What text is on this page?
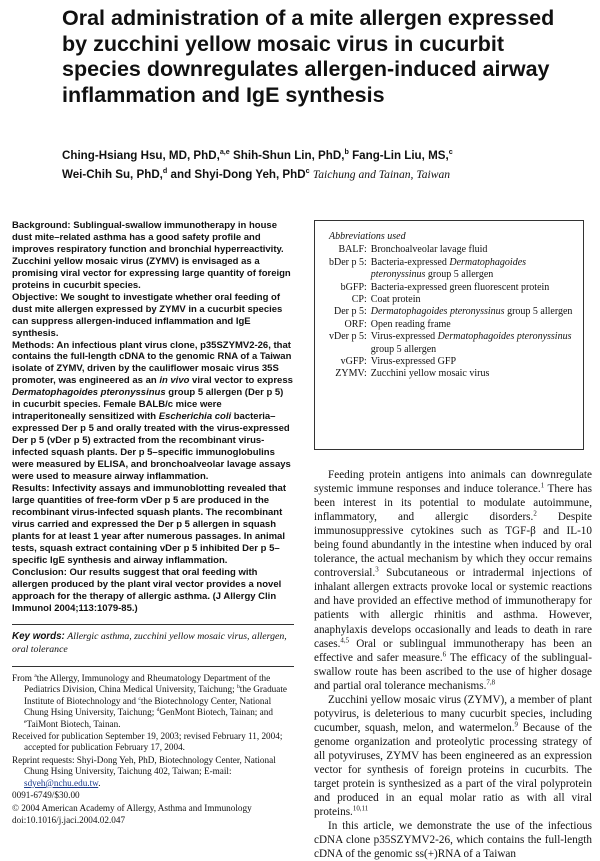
Oral administration of a mite allergen expressed by zucchini yellow mosaic virus in cucurbit species downregulates allergen-induced airway inflammation and IgE synthesis

Ching-Hsiang Hsu, MD, PhD,$^{a,e}$ Shih-Shun Lin, PhD,$^b$ Fang-Lin Liu, MS,$^c$
Wei-Chih Su, PhD,$^d$ and Shyi-Dong Yeh, PhD$^c$ Taichung and Tainan, Taiwan

Background: Sublingual-swallow immunotherapy in house dust mite–related asthma has a good safety profile and improves respiratory function and bronchial hyperreactivity. Zucchini yellow mosaic virus (ZYMV) is envisaged as a promising viral vector for expressing large quantity of foreign proteins in cucurbit species.

Objective: We sought to investigate whether oral feeding of dust mite allergen expressed by ZYMV in a cucurbit species can suppress allergen-induced inflammation and IgE synthesis.

Methods: An infectious plant virus clone, p35SZYMV2-26, that contains the full-length cDNA to the genomic RNA of a Taiwan isolate of ZYMV, driven by the cauliflower mosaic virus 35S promoter, was engineered as an in vivo viral vector to express Dermatophagoides pteronyssinus group 5 allergen (Der p 5) in cucurbit species. Female BALB/c mice were intraperitoneally sensitized with Escherichia coli bacteria–expressed Der p 5 and orally treated with the virus-expressed Der p 5 (vDer p 5) extracted from the recombinant virus-infected squash plants. Der p 5–specific immunoglobulins were measured by ELISA, and bronchoalveolar lavage assays were used to measure airway inflammation.

Results: Infectivity assays and immunoblotting revealed that large quantities of free-form vDer p 5 are produced in the recombinant virus-infected squash plants. The recombinant virus carried and expressed the Der p 5 allergen in squash plants for at least 1 year after numerous passages. In animal tests, squash extract containing vDer p 5 inhibited Der p 5–specific IgE synthesis and airway inflammation.

Conclusion: Our results suggest that oral feeding with allergen produced by the plant viral vector provides a novel approach for the therapy of allergic asthma. (J Allergy Clin Immunol 2004;113:1079-85.)

Key words: Allergic asthma, zucchini yellow mosaic virus, allergen, oral tolerance

From $^a$the Allergy, Immunology and Rheumatology Department of the Pediatrics Division, China Medical University, Taichung; $^b$the Graduate Institute of Biotechnology and $^c$the Biotechnology Center, National Chung Hsing University, Taichung; $^d$GenMont Biotech, Tainan; and $^e$TaiMont Biotech, Tainan.

Received for publication September 19, 2003; revised February 11, 2004; accepted for publication February 17, 2004.

Reprint requests: Shyi-Dong Yeh, PhD, Biotechnology Center, National Chung Hsing University, Taichung 402, Taiwan; E-mail: sdyeh@nchu.edu.tw.

0091-6749/$30.00

© 2004 American Academy of Allergy, Asthma and Immunology

doi:10.1016/j.jaci.2004.02.047

Abbreviations used
BALF:	Bronchoalveolar lavage fluid
bDer p 5:	Bacteria-expressed Dermatophagoides pteronyssinus group 5 allergen
bGFP:	Bacteria-expressed green fluorescent protein
CP:	Coat protein
Der p 5:	Dermatophagoides pteronyssinus group 5 allergen
ORF:	Open reading frame
vDer p 5:	Virus-expressed Dermatophagoides pteronyssinus group 5 allergen
vGFP:	Virus-expressed GFP
ZYMV:	Zucchini yellow mosaic virus

Feeding protein antigens into animals can downregulate systemic immune responses and induce tolerance.$^1$ There has been interest in its potential to modulate autoimmune, inflammatory, and allergic disorders.$^2$ Despite immunosuppressive cytokines such as TGF-β and IL-10 being found abundantly in the intestine when induced by oral tolerance, the actual mechanism by which they occur remains controversial.$^3$ Subcutaneous or intradermal injections of inhalant allergen extracts provoke local or systemic reactions and have provided an effective method of immunotherapy for patients with allergic rhinitis and asthma. However, anaphylaxis develops occasionally and leads to death in rare cases.$^{4,5}$ Oral or sublingual immunotherapy has been an effective and safer measure.$^6$ The efficacy of the sublingual-swallow route has been ascribed to the use of higher dosage and partial oral tolerance mechanisms.$^{7,8}$

Zucchini yellow mosaic virus (ZYMV), a member of plant potyvirus, is deleterious to many cucurbit species, including cucumber, squash, melon, and watermelon.$^9$ Because of the genome organization and proteolytic processing strategy of all potyviruses, ZYMV has been engineered as an expression vector for synthesis of foreign proteins in cucurbits. The target protein is synthesized as a part of the viral polyprotein and produced in an equal molar ratio as with all viral proteins.$^{10,11}$

In this article, we demonstrate the use of the infectious cDNA clone p35SZYMV2-26, which contains the full-length cDNA of the genomic ss(+)RNA of a Taiwan
